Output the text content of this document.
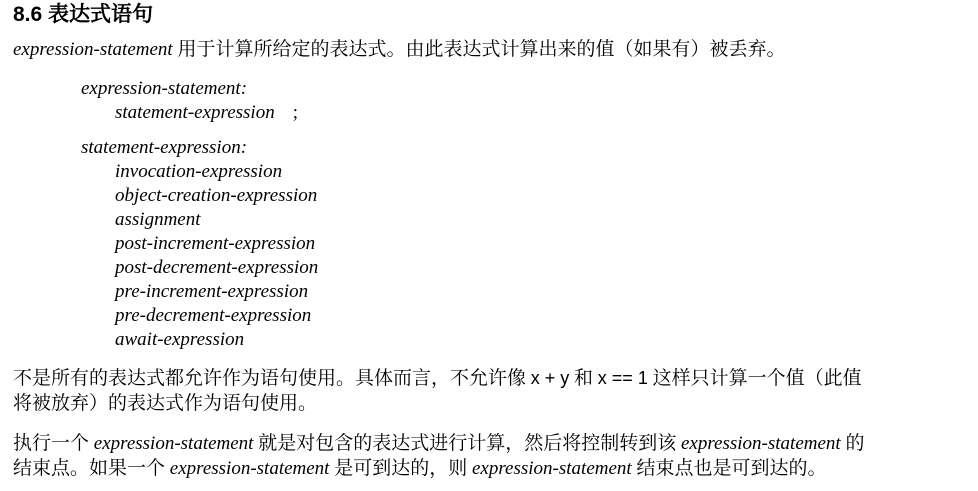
8.6 表达式语句
expression-statement 用于计算所给定的表达式。由此表达式计算出来的值（如果有）被丢弃。
expression-statement:
statement-expression ;
statement-expression:
invocation-expression
object-creation-expression
assignment
post-increment-expression
post-decrement-expression
pre-increment-expression
pre-decrement-expression
await-expression
不是所有的表达式都允许作为语句使用。具体而言，不允许像 x + y 和 x == 1 这样只计算一个值（此值
将被放弃）的表达式作为语句使用。
执行一个 expression-statement 就是对包含的表达式进行计算，然后将控制转到该 expression-statement 的
结束点。如果一个 expression-statement 是可到达的，则 expression-statement 结束点也是可到达的。
